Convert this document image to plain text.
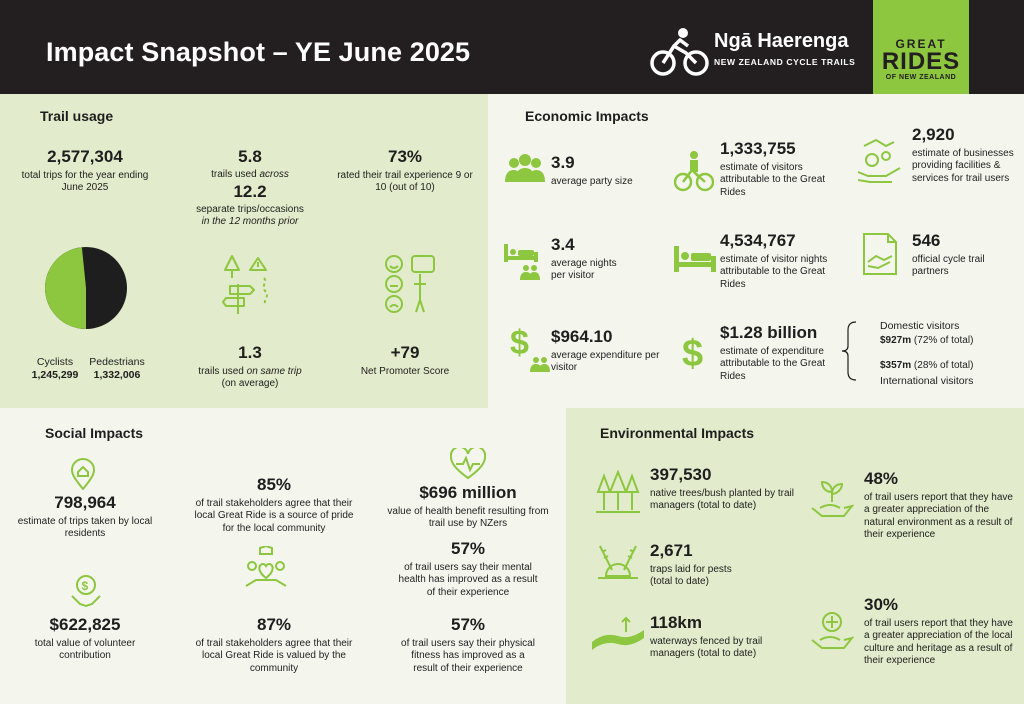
Impact Snapshot – YE June 2025	Ngā Haerenga
NEW ZEALAND CYCLE TRAILS
GREAT
RIDES
OF NEW ZEALAND
Trail usage
2,577,304
total trips for the year ending June 2025
5.8
trails used across
12.2
separate trips/occasions
in the 12 months prior
73%
rated their trail experience 9 or 10 (out of 10)
Cyclists
1,245,299
Pedestrians
1,332,006
1.3
trails used on same trip
(on average)
+79
Net Promoter Score
Economic Impacts
3.9
average party size
1,333,755
estimate of visitors attributable to the Great Rides
2,920
estimate of businesses providing facilities & services for trail users
3.4
average nights per visitor
4,534,767
estimate of visitor nights attributable to the Great Rides
546
official cycle trail partners
$ $964.10
average expenditure per visitor	$
$1.28 billion
estimate of expenditure attributable to the Great Rides
Domestic visitors
$927m (72% of total)
$357m (28% of total)
International visitors
Social Impacts
798,964
estimate of trips taken by local residents
85%
of trail stakeholders agree that their local Great Ride is a source of pride for the local community
$696 million
value of health benefit resulting from trail use by NZers
57%
of trail users say their mental health has improved as a result of their experience
$
$622,825
total value of volunteer contribution
87%
of trail stakeholders agree that their local Great Ride is valued by the community
57%
of trail users say their physical fitness has improved as a result of their experience
Environmental Impacts
397,530
native trees/bush planted by trail managers (total to date)
48%
of trail users report that they have a greater appreciation of the natural environment as a result of their experience
2,671
traps laid for pests (total to date)
118km
waterways fenced by trail managers (total to date)
30%
of trail users report that they have a greater appreciation of the local culture and heritage as a result of their experience
